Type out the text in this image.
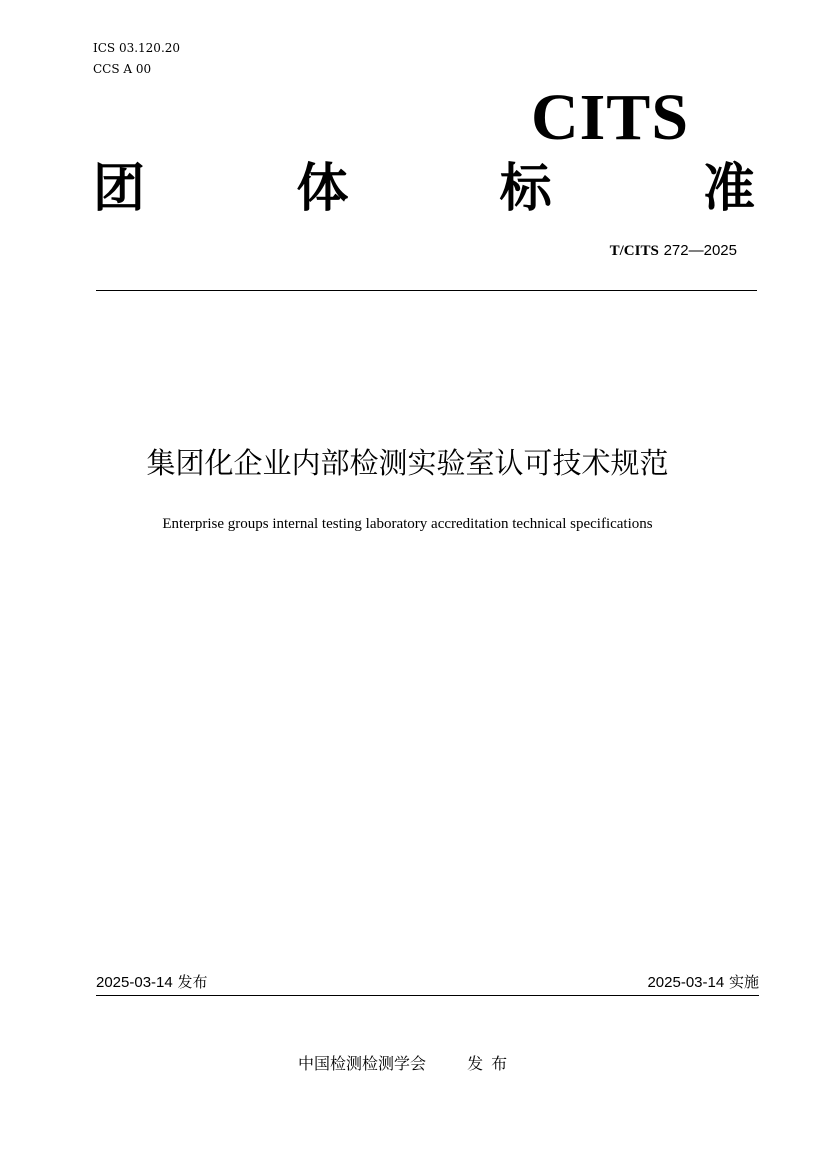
ICS 03.120.20
CCS A 00
CITS
团	体	标	准
T/CITS 272—2025
集团化企业内部检测实验室认可技术规范
Enterprise groups internal testing laboratory accreditation technical specifications
2025-03-14 发布	2025-03-14 实施
中国检测检测学会	发布
